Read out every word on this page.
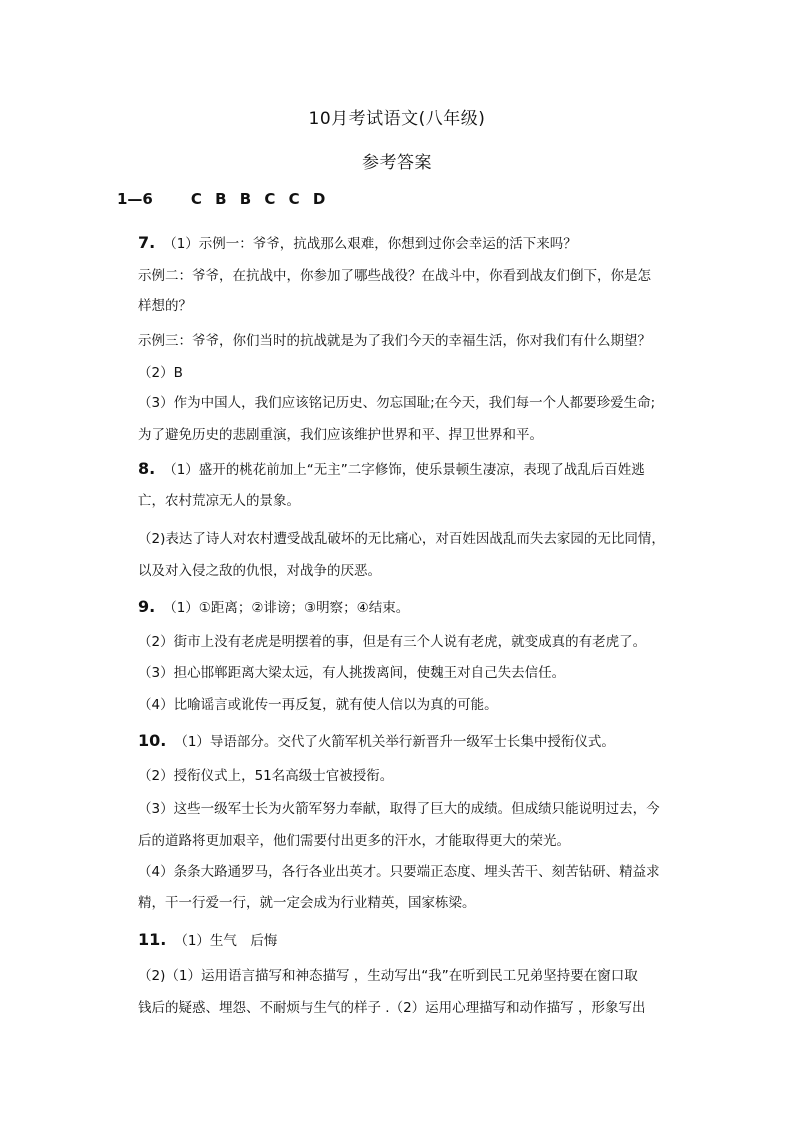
10月考试语文(八年级)
参考答案
1—6	C B B C C D
7. （1）示例一：爷爷，抗战那么艰难，你想到过你会幸运的活下来吗？
示例二：爷爷，在抗战中，你参加了哪些战役？在战斗中，你看到战友们倒下，你是怎
样想的？
示例三：爷爷，你们当时的抗战就是为了我们今天的幸福生活，你对我们有什么期望？
（2）B
（3）作为中国人，我们应该铭记历史、勿忘国耻;在今天，我们每一个人都要珍爱生命;
为了避免历史的悲剧重演，我们应该维护世界和平、捍卫世界和平。
8. （1）盛开的桃花前加上“无主”二字修饰，使乐景顿生凄凉，表现了战乱后百姓逃
亡，农村荒凉无人的景象。
（2)表达了诗人对农村遭受战乱破坏的无比痛心，对百姓因战乱而失去家园的无比同情，
以及对入侵之敌的仇恨，对战争的厌恶。
9. （1）①距离；②诽谤；③明察；④结束。
（2）街市上没有老虎是明摆着的事，但是有三个人说有老虎，就变成真的有老虎了。
（3）担心邯郸距离大梁太远，有人挑拨离间，使魏王对自己失去信任。
（4）比喻谣言或讹传一再反复，就有使人信以为真的可能。
10. （1）导语部分。交代了火箭军机关举行新晋升一级军士长集中授衔仪式。
（2）授衔仪式上，51名高级士官被授衔。
（3）这些一级军士长为火箭军努力奉献，取得了巨大的成绩。但成绩只能说明过去，今
后的道路将更加艰辛，他们需要付出更多的汗水，才能取得更大的荣光。
（4）条条大路通罗马，各行各业出英才。只要端正态度、埋头苦干、刻苦钻研、精益求
精，干一行爱一行，就一定会成为行业精英，国家栋梁。
11. （1）生气　后悔
（2)（1）运用语言描写和神态描写 ，生动写出“我”在听到民工兄弟坚持要在窗口取
钱后的疑惑、埋怨、不耐烦与生气的样子 .（2）运用心理描写和动作描写 ，形象写出
